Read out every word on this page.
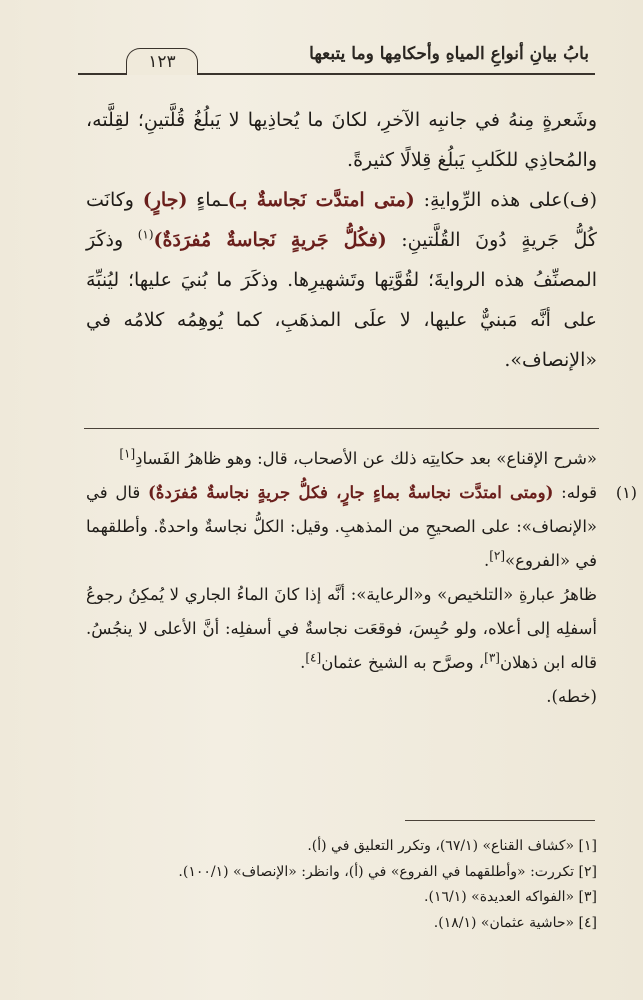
بابُ بيانِ أنواعِ المياهِ وأحكامِها وما يتبعها
١٢٣

وشَعرةٍ مِنهُ في جانبِه الآخرِ، لكانَ ما يُحاذِيها لا يَبلُغُ قُلَّتينِ؛ لقِلَّته، والمُحاذِي للكَلبِ يَبلُغ قِلالًا كثيرةً.

(ف)على هذه الرِّوايةِ: (متى امتدَّت نَجاسةٌ بـ)ـماءٍ (جارٍ) وكانَت كُلُّ جَريةٍ دُونَ القُلَّتينِ: (فكُلُّ جَريةٍ نَجاسةٌ مُفرَدَةٌ)$^{(١)}$ وذكَرَ المصنِّفُ هذه الروايةَ؛ لقُوَّتِها وتَشهيرِها. وذكَرَ ما بُنيَ عليها؛ ليُنبِّهَ على أنَّه مَبنيٌّ عليها، لا علَى المذهَبِ، كما يُوهِمُه كلامُه في «الإنصاف».

«شرح الإقناع» بعد حكايتِه ذلك عن الأصحاب، قال: وهو ظاهرُ الفَسادِ[١]

(١)
قوله: (ومتى امتدَّت نجاسةٌ بماءٍ جارٍ، فكلُّ جريةٍ نجاسةٌ مُفرَدةٌ) قال في «الإنصاف»: على الصحيحِ من المذهبِ. وقيل: الكلُّ نجاسةٌ واحدةٌ. وأطلقهما في «الفروع»[٢].

ظاهرُ عبارةِ «التلخيص» و«الرعاية»: أنَّه إذا كانَ الماءُ الجاري لا يُمكِنُ رجوعُ أسفلِه إلى أعلاه، ولو حُبِسَ، فوقعَت نجاسةٌ في أسفلِه: أنَّ الأعلى لا ينجُسُ. قاله ابن ذهلان[٣]، وصرَّح به الشيخ عثمان[٤].

(خطه).

[١] «كشاف القناع» (٦٧/١)، وتكرر التعليق في (أ).

[٢] تكررت: «وأطلقهما في الفروع» في (أ)، وانظر: «الإنصاف» (١٠٠/١).

[٣] «الفواكه العديدة» (١٦/١).

[٤] «حاشية عثمان» (١٨/١).
